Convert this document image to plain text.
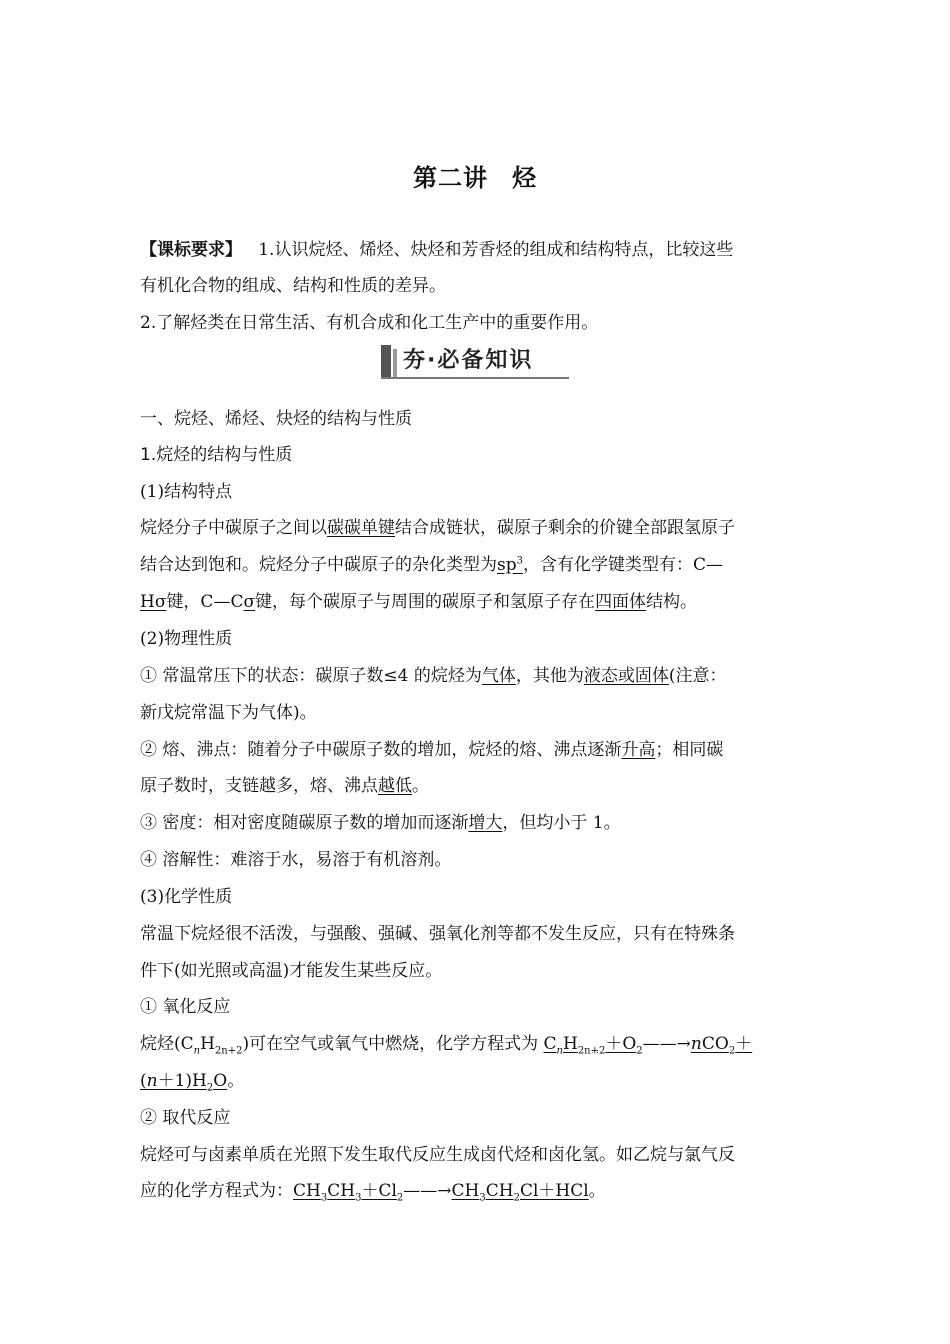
第二讲 烃
【课标要求】 1.认识烷烃、烯烃、炔烃和芳香烃的组成和结构特点，比较这些
有机化合物的组成、结构和性质的差异。
2.了解烃类在日常生活、有机合成和化工生产中的重要作用。
夯·必备知识
一、烷烃、烯烃、炔烃的结构与性质
1.烷烃的结构与性质
(1)结构特点
烷烃分子中碳原子之间以碳碳单键结合成链状，碳原子剩余的价键全部跟氢原子
结合达到饱和。烷烃分子中碳原子的杂化类型为$sp^3$，含有化学键类型有：C—
Hσ键，C—Cσ键，每个碳原子与周围的碳原子和氢原子存在四面体结构。
(2)物理性质
① 常温常压下的状态：碳原子数≤4 的烷烃为气体，其他为液态或固体(注意：
新戊烷常温下为气体)。
② 熔、沸点：随着分子中碳原子数的增加，烷烃的熔、沸点逐渐升高；相同碳
原子数时，支链越多，熔、沸点越低。
③ 密度：相对密度随碳原子数的增加而逐渐增大，但均小于 1。
④ 溶解性：难溶于水，易溶于有机溶剂。
(3)化学性质
常温下烷烃很不活泼，与强酸、强碱、强氧化剂等都不发生反应，只有在特殊条
件下(如光照或高温)才能发生某些反应。
① 氧化反应
烷烃$(C_nH_{2n+2})$可在空气或氧气中燃烧，化学方程式为 $C_nH_{2n+2}+O_2——\to nCO_2+$
$(n+1)H_2O$。
② 取代反应
烷烃可与卤素单质在光照下发生取代反应生成卤代烃和卤化氢。如乙烷与氯气反
应的化学方程式为：$CH_3CH_3+Cl_2——\to CH_3CH_2Cl+HCl$。
